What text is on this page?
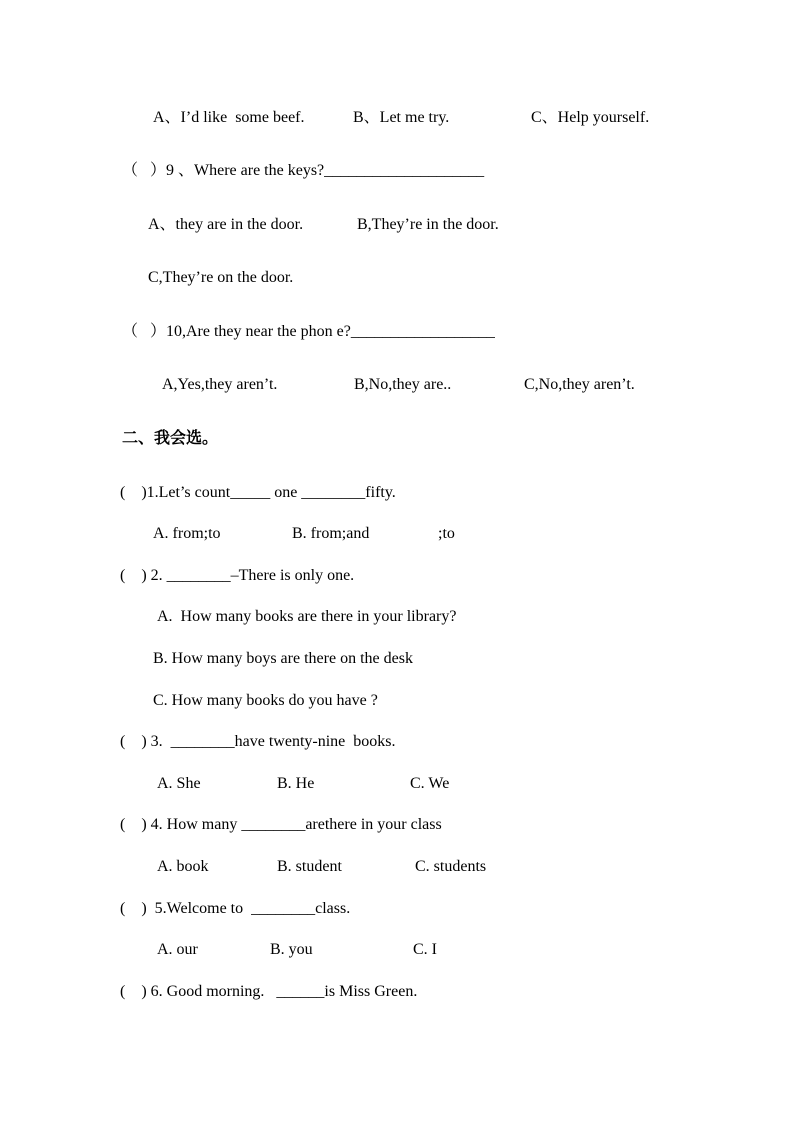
A、I’d like  some beef.	B、Let me try.	C、Help yourself.
（   ）9 、Where are the keys?____________________
A、they are in the door.	B,They’re in the door.
C,They’re on the door.
（   ）10,Are they near the phon e?__________________
A,Yes,they aren’t.	B,No,they are..	C,No,they aren’t.
二、我会选。
(    )1.Let’s count_____ one ________fifty.
A. from;to	B. from;and	;to
(    ) 2. ________–There is only one.
A.  How many books are there in your library?
B. How many boys are there on the desk
C. How many books do you have ?
(    ) 3.  ________have twenty-nine  books.
A. She	B. He	C. We
(    ) 4. How many ________arethere in your class
A. book	B. student	C. students
(    )  5.Welcome to  ________class.
A. our	B. you	C. I
(    ) 6. Good morning.   ______is Miss Green.
